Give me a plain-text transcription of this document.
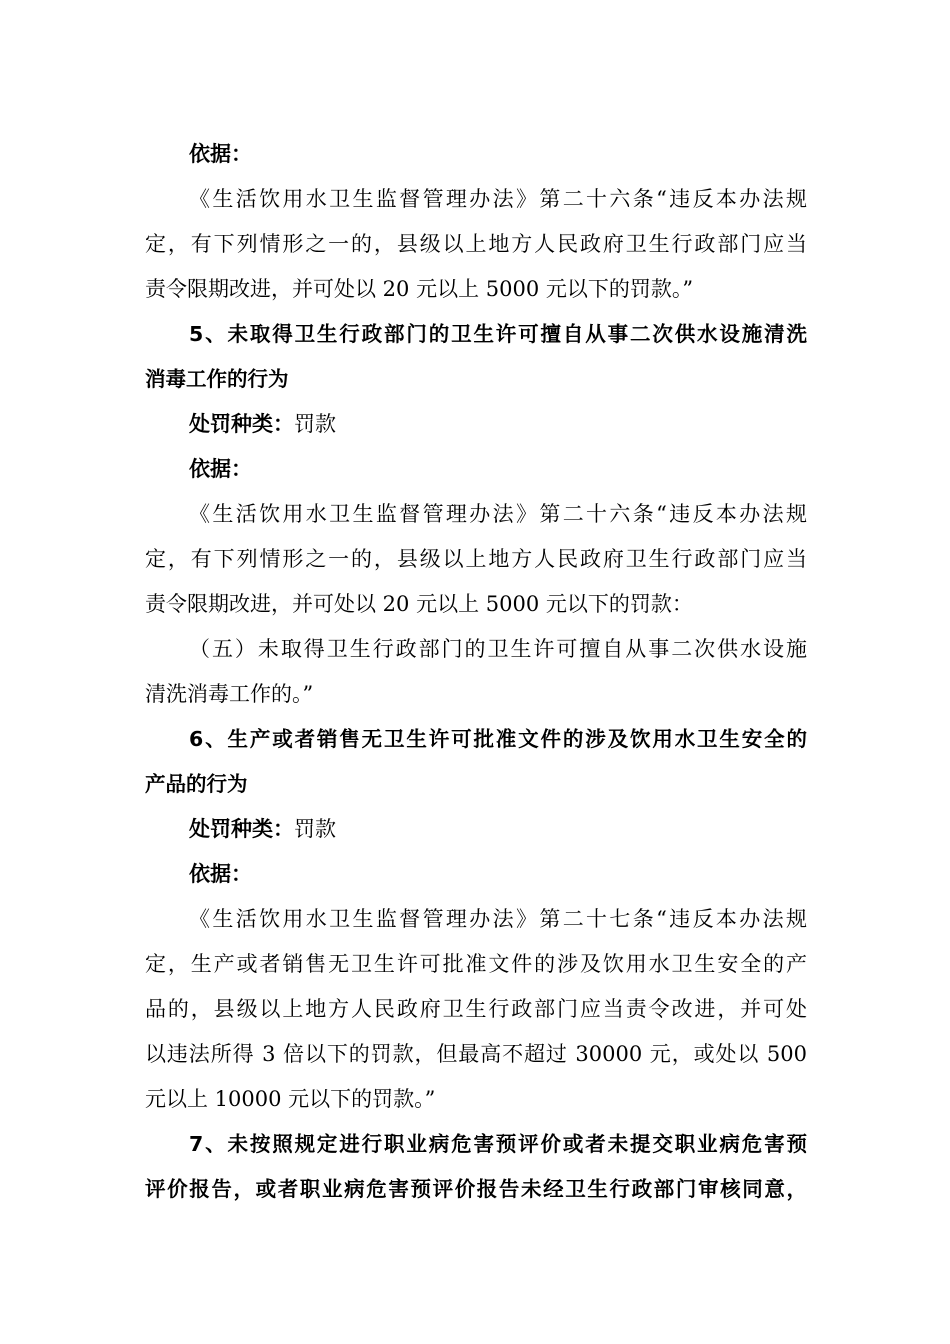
依据：
《生活饮用水卫生监督管理办法》第二十六条“违反本办法规
定，有下列情形之一的，县级以上地方人民政府卫生行政部门应当
责令限期改进，并可处以 20 元以上 5000 元以下的罚款。”
5、未取得卫生行政部门的卫生许可擅自从事二次供水设施清洗
消毒工作的行为
处罚种类：罚款
依据：
《生活饮用水卫生监督管理办法》第二十六条“违反本办法规
定，有下列情形之一的，县级以上地方人民政府卫生行政部门应当
责令限期改进，并可处以 20 元以上 5000 元以下的罚款：
（五）未取得卫生行政部门的卫生许可擅自从事二次供水设施
清洗消毒工作的。”
6、生产或者销售无卫生许可批准文件的涉及饮用水卫生安全的
产品的行为
处罚种类：罚款
依据：
《生活饮用水卫生监督管理办法》第二十七条“违反本办法规
定，生产或者销售无卫生许可批准文件的涉及饮用水卫生安全的产
品的，县级以上地方人民政府卫生行政部门应当责令改进，并可处
以违法所得 3 倍以下的罚款，但最高不超过 30000 元，或处以 500
元以上 10000 元以下的罚款。”
7、未按照规定进行职业病危害预评价或者未提交职业病危害预
评价报告，或者职业病危害预评价报告未经卫生行政部门审核同意，
